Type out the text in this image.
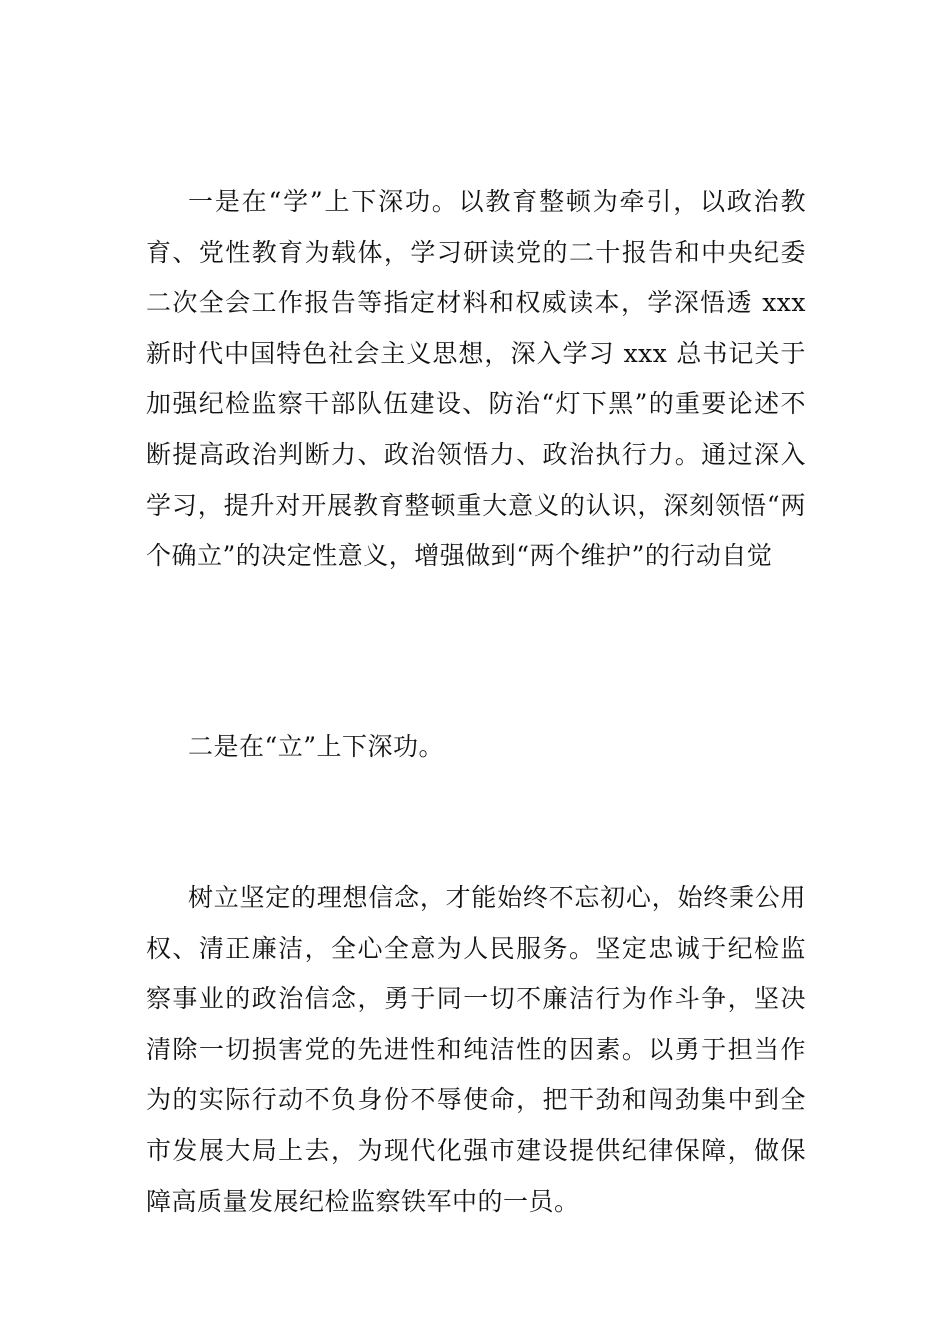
一是在“学”上下深功。以教育整顿为牵引，以政治教育、党性教育为载体，学习研读党的二十报告和中央纪委二次全会工作报告等指定材料和权威读本，学深悟透 xxx 新时代中国特色社会主义思想，深入学习 xxx 总书记关于加强纪检监察干部队伍建设、防治“灯下黑”的重要论述不断提高政治判断力、政治领悟力、政治执行力。通过深入学习，提升对开展教育整顿重大意义的认识，深刻领悟“两个确立”的决定性意义，增强做到“两个维护”的行动自觉

二是在“立”上下深功。

树立坚定的理想信念，才能始终不忘初心，始终秉公用权、清正廉洁，全心全意为人民服务。坚定忠诚于纪检监察事业的政治信念，勇于同一切不廉洁行为作斗争，坚决清除一切损害党的先进性和纯洁性的因素。以勇于担当作为的实际行动不负身份不辱使命，把干劲和闯劲集中到全市发展大局上去，为现代化强市建设提供纪律保障，做保障高质量发展纪检监察铁军中的一员。
